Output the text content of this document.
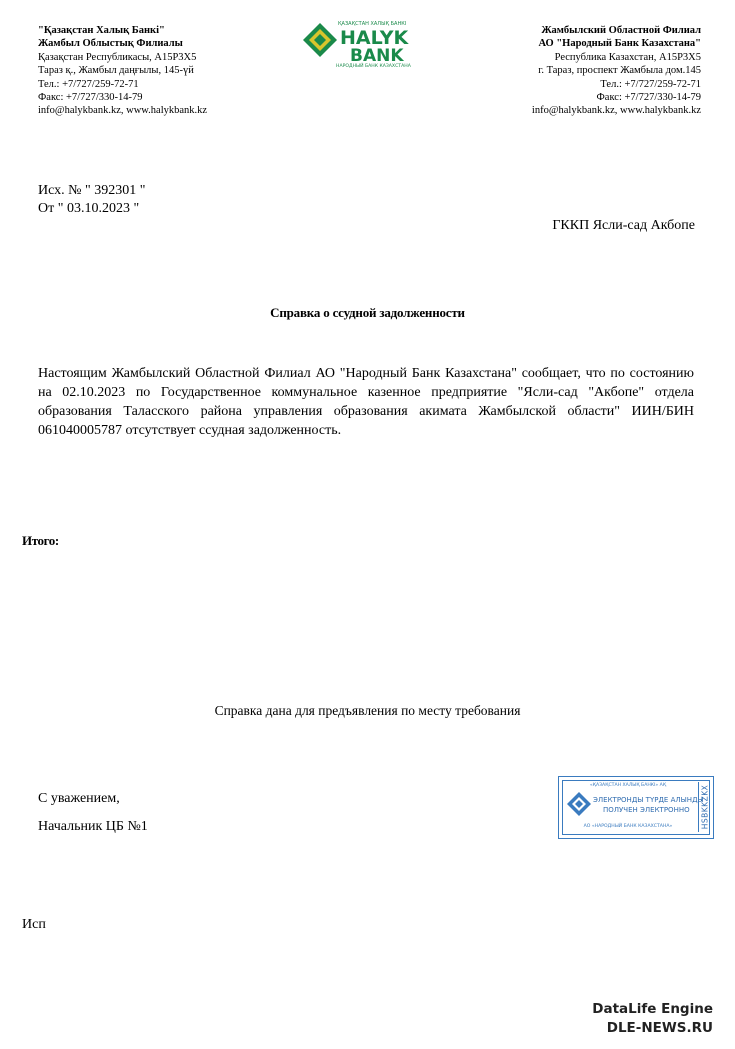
"Қазақстан Халық Банкі"
Жамбыл Облыстық Филиалы
Қазақстан Республикасы, A15P3X5
Тараз қ., Жамбыл даңғылы, 145-үй
Тел.: +7/727/259-72-71
Факс: +7/727/330-14-79
info@halykbank.kz, www.halykbank.kz
ҚАЗАҚСТАН ХАЛЫҚ БАНКІ
HALYK
BANK
НАРОДНЫЙ БАНК КАЗАХСТАНА
Жамбылский Областной Филиал
АО "Народный Банк Казахстана"
Республика Казахстан, A15P3X5
г. Тараз, проспект Жамбыла дом.145
Тел.: +7/727/259-72-71
Факс: +7/727/330-14-79
info@halykbank.kz, www.halykbank.kz
Исх. № " 392301 "
От " 03.10.2023 "
ГККП Ясли-сад Акбопе
Справка о ссудной задолженности
Настоящим Жамбылский Областной Филиал АО "Народный Банк Казахстана" сообщает, что по состоянию на 02.10.2023 по Государственное коммунальное казенное предприятие "Ясли-сад "Акбопе" отдела образования Таласского района управления образования акимата Жамбылской области" ИИН/БИН 061040005787 отсутствует ссудная задолженность.
Итого:
Справка дана для предъявления по месту требования
С уважением,
Начальник ЦБ №1
Исп
«ҚАЗАҚСТАН ХАЛЫҚ БАНКІ» АҚ
ЭЛЕКТРОНДЫ ТҮРДЕ АЛЫНДЫ
ПОЛУЧЕН ЭЛЕКТРОННО
АО «НАРОДНЫЙ БАНК КАЗАХСТАНА»	HSBKKZKX
DataLife Engine
DLE-NEWS.RU
